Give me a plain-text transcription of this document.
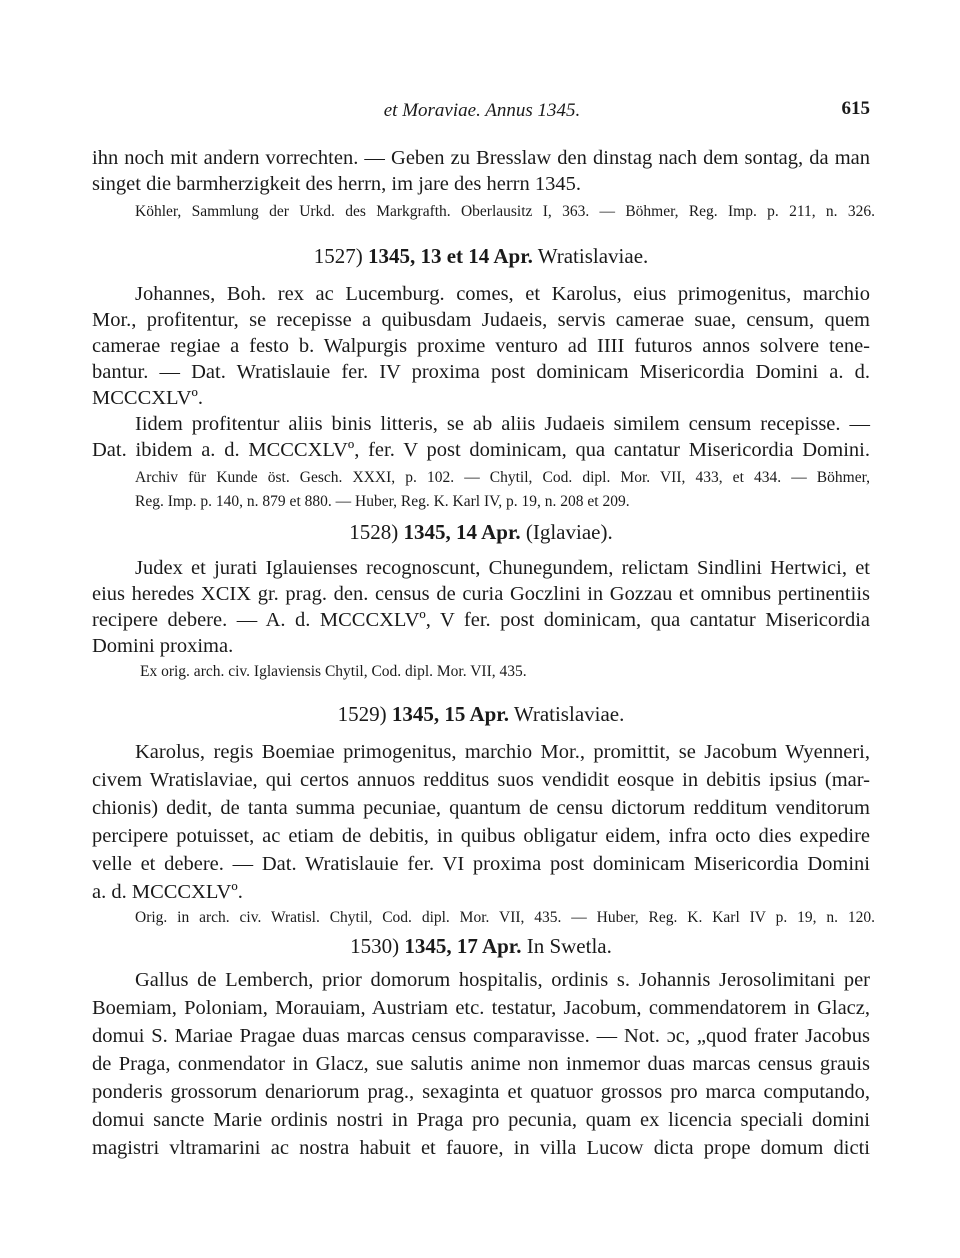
et Moraviae. Annus 1345.	615
ihn noch mit andern vorrechten. — Geben zu Bresslaw den dinstag nach dem sontag, da man
singet die barmherzigkeit des herrn, im jare des herrn 1345.
Köhler, Sammlung der Urkd. des Markgrafth. Oberlausitz I, 363. — Böhmer, Reg. Imp. p. 211, n. 326.
1527) 1345, 13 et 14 Apr. Wratislaviae.
Johannes, Boh. rex ac Lucemburg. comes, et Karolus, eius primogenitus, marchio
Mor., profitentur, se recepisse a quibusdam Judaeis, servis camerae suae, censum, quem
camerae regiae a festo b. Walpurgis proxime venturo ad IIII futuros annos solvere tene-
bantur. — Dat. Wratislauie fer. IV proxima post dominicam Misericordia Domini a. d.
MCCCXLVº.
Iidem profitentur aliis binis litteris, se ab aliis Judaeis similem censum recepisse. —
Dat. ibidem a. d. MCCCXLVº, fer. V post dominicam, qua cantatur Misericordia Domini.
Archiv für Kunde öst. Gesch. XXXI, p. 102. — Chytil, Cod. dipl. Mor. VII, 433, et 434. — Böhmer,
Reg. Imp. p. 140, n. 879 et 880. — Huber, Reg. K. Karl IV, p. 19, n. 208 et 209.
1528) 1345, 14 Apr. (Iglaviae).
Judex et jurati Iglauienses recognoscunt, Chunegundem, relictam Sindlini Hertwici, et
eius heredes XCIX gr. prag. den. census de curia Goczlini in Gozzau et omnibus pertinentiis
recipere debere. — A. d. MCCCXLVº, V fer. post dominicam, qua cantatur Misericordia
Domini proxima.
Ex orig. arch. civ. Iglaviensis Chytil, Cod. dipl. Mor. VII, 435.
1529) 1345, 15 Apr. Wratislaviae.
Karolus, regis Boemiae primogenitus, marchio Mor., promittit, se Jacobum Wyenneri,
civem Wratislaviae, qui certos annuos redditus suos vendidit eosque in debitis ipsius (mar-
chionis) dedit, de tanta summa pecuniae, quantum de censu dictorum redditum venditorum
percipere potuisset, ac etiam de debitis, in quibus obligatur eidem, infra octo dies expedire
velle et debere. — Dat. Wratislauie fer. VI proxima post dominicam Misericordia Domini
a. d. MCCCXLVº.
Orig. in arch. civ. Wratisl. Chytil, Cod. dipl. Mor. VII, 435. — Huber, Reg. K. Karl IV p. 19, n. 120.
1530) 1345, 17 Apr. In Swetla.
Gallus de Lemberch, prior domorum hospitalis, ordinis s. Johannis Jerosolimitani per
Boemiam, Poloniam, Morauiam, Austriam etc. testatur, Jacobum, commendatorem in Glacz,
domui S. Mariae Pragae duas marcas census comparavisse. — Not. ɔc, „quod frater Jacobus
de Praga, conmendator in Glacz, sue salutis anime non inmemor duas marcas census grauis
ponderis grossorum denariorum prag., sexaginta et quatuor grossos pro marca computando,
domui sancte Marie ordinis nostri in Praga pro pecunia, quam ex licencia speciali domini
magistri vltramarini ac nostra habuit et fauore, in villa Lucow dicta prope domum dicti
